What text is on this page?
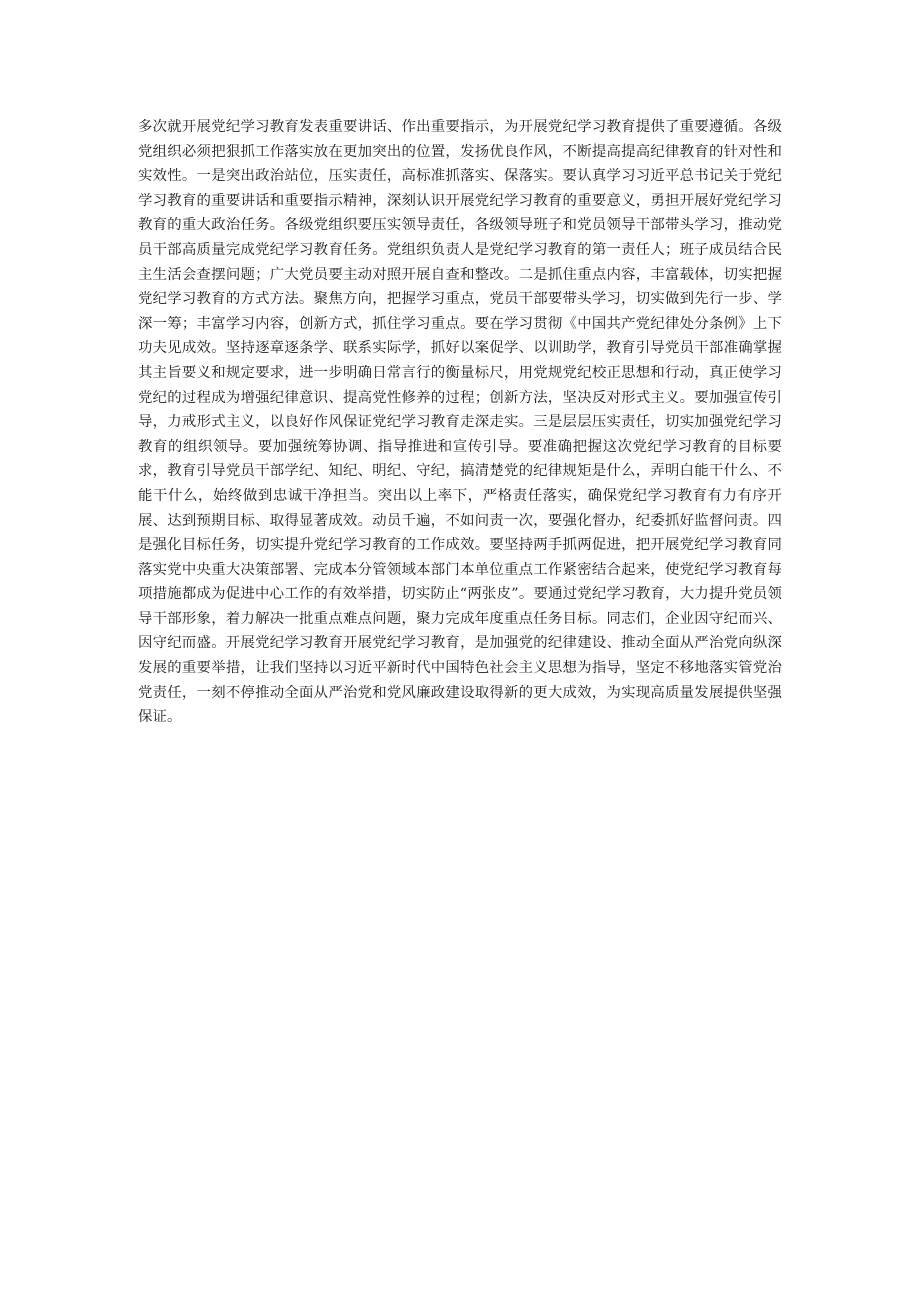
多次就开展党纪学习教育发表重要讲话、作出重要指示，为开展党纪学习教育提供了重要遵循。各级党组织必须把狠抓工作落实放在更加突出的位置，发扬优良作风，不断提高提高纪律教育的针对性和实效性。一是突出政治站位，压实责任，高标准抓落实、保落实。要认真学习习近平总书记关于党纪学习教育的重要讲话和重要指示精神，深刻认识开展党纪学习教育的重要意义，勇担开展好党纪学习教育的重大政治任务。各级党组织要压实领导责任，各级领导班子和党员领导干部带头学习，推动党员干部高质量完成党纪学习教育任务。党组织负责人是党纪学习教育的第一责任人；班子成员结合民主生活会查摆问题；广大党员要主动对照开展自查和整改。二是抓住重点内容，丰富载体，切实把握党纪学习教育的方式方法。聚焦方向，把握学习重点，党员干部要带头学习，切实做到先行一步、学深一筹；丰富学习内容，创新方式，抓住学习重点。要在学习贯彻《中国共产党纪律处分条例》上下功夫见成效。坚持逐章逐条学、联系实际学，抓好以案促学、以训助学，教育引导党员干部准确掌握其主旨要义和规定要求，进一步明确日常言行的衡量标尺，用党规党纪校正思想和行动，真正使学习党纪的过程成为增强纪律意识、提高党性修养的过程；创新方法，坚决反对形式主义。要加强宣传引导，力戒形式主义，以良好作风保证党纪学习教育走深走实。三是层层压实责任，切实加强党纪学习教育的组织领导。要加强统筹协调、指导推进和宣传引导。要准确把握这次党纪学习教育的目标要求，教育引导党员干部学纪、知纪、明纪、守纪，搞清楚党的纪律规矩是什么，弄明白能干什么、不能干什么，始终做到忠诚干净担当。突出以上率下，严格责任落实，确保党纪学习教育有力有序开展、达到预期目标、取得显著成效。动员千遍，不如问责一次，要强化督办，纪委抓好监督问责。四是强化目标任务，切实提升党纪学习教育的工作成效。要坚持两手抓两促进，把开展党纪学习教育同落实党中央重大决策部署、完成本分管领域本部门本单位重点工作紧密结合起来，使党纪学习教育每项措施都成为促进中心工作的有效举措，切实防止“两张皮”。要通过党纪学习教育，大力提升党员领导干部形象，着力解决一批重点难点问题，聚力完成年度重点任务目标。同志们，企业因守纪而兴、因守纪而盛。开展党纪学习教育开展党纪学习教育，是加强党的纪律建设、推动全面从严治党向纵深发展的重要举措，让我们坚持以习近平新时代中国特色社会主义思想为指导，坚定不移地落实管党治党责任，一刻不停推动全面从严治党和党风廉政建设取得新的更大成效，为实现高质量发展提供坚强保证。
